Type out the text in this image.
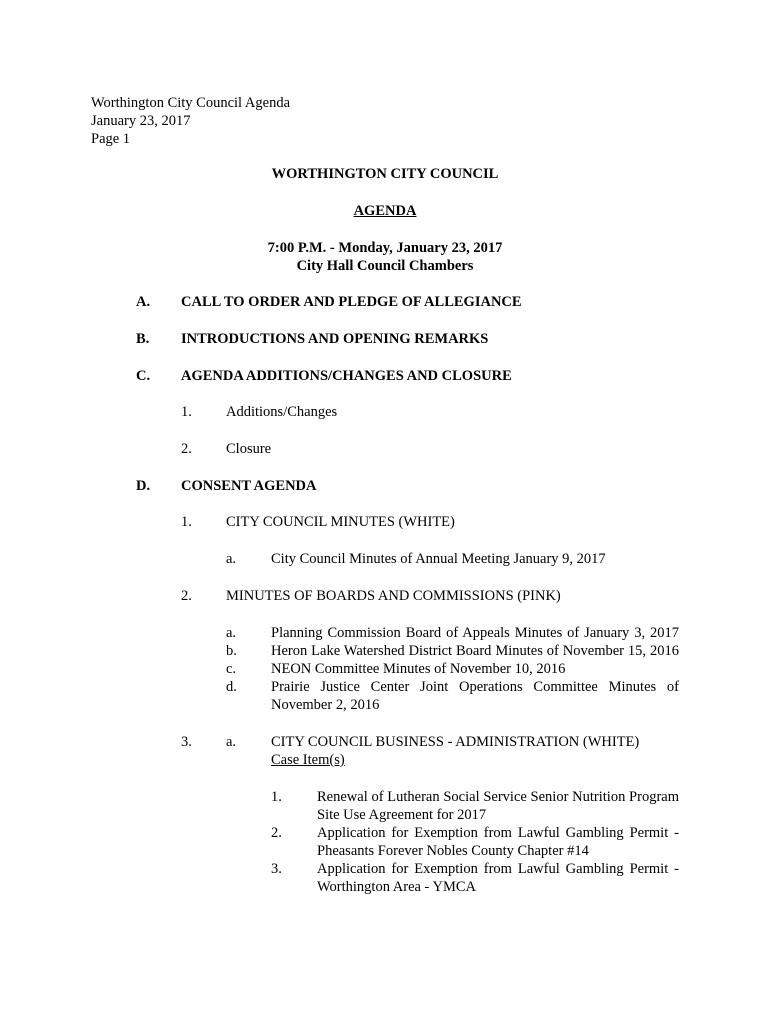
Worthington City Council Agenda
January 23, 2017
Page 1
WORTHINGTON CITY COUNCIL
AGENDA
7:00 P.M. - Monday, January 23, 2017
City Hall Council Chambers
A. CALL TO ORDER AND PLEDGE OF ALLEGIANCE
B. INTRODUCTIONS AND OPENING REMARKS
C. AGENDA ADDITIONS/CHANGES AND CLOSURE
1. Additions/Changes
2. Closure
D. CONSENT AGENDA
1. CITY COUNCIL MINUTES (WHITE)
a. City Council Minutes of Annual Meeting January 9, 2017
2. MINUTES OF BOARDS AND COMMISSIONS (PINK)
a. Planning Commission Board of Appeals Minutes of January 3, 2017
b. Heron Lake Watershed District Board Minutes of November 15, 2016
c. NEON Committee Minutes of November 10, 2016
d. Prairie Justice Center Joint Operations Committee Minutes of
November 2, 2016
3. a. CITY COUNCIL BUSINESS - ADMINISTRATION (WHITE)
Case Item(s)
1. Renewal of Lutheran Social Service Senior Nutrition Program
Site Use Agreement for 2017
2. Application for Exemption from Lawful Gambling Permit -
Pheasants Forever Nobles County Chapter #14
3. Application for Exemption from Lawful Gambling Permit -
Worthington Area - YMCA
